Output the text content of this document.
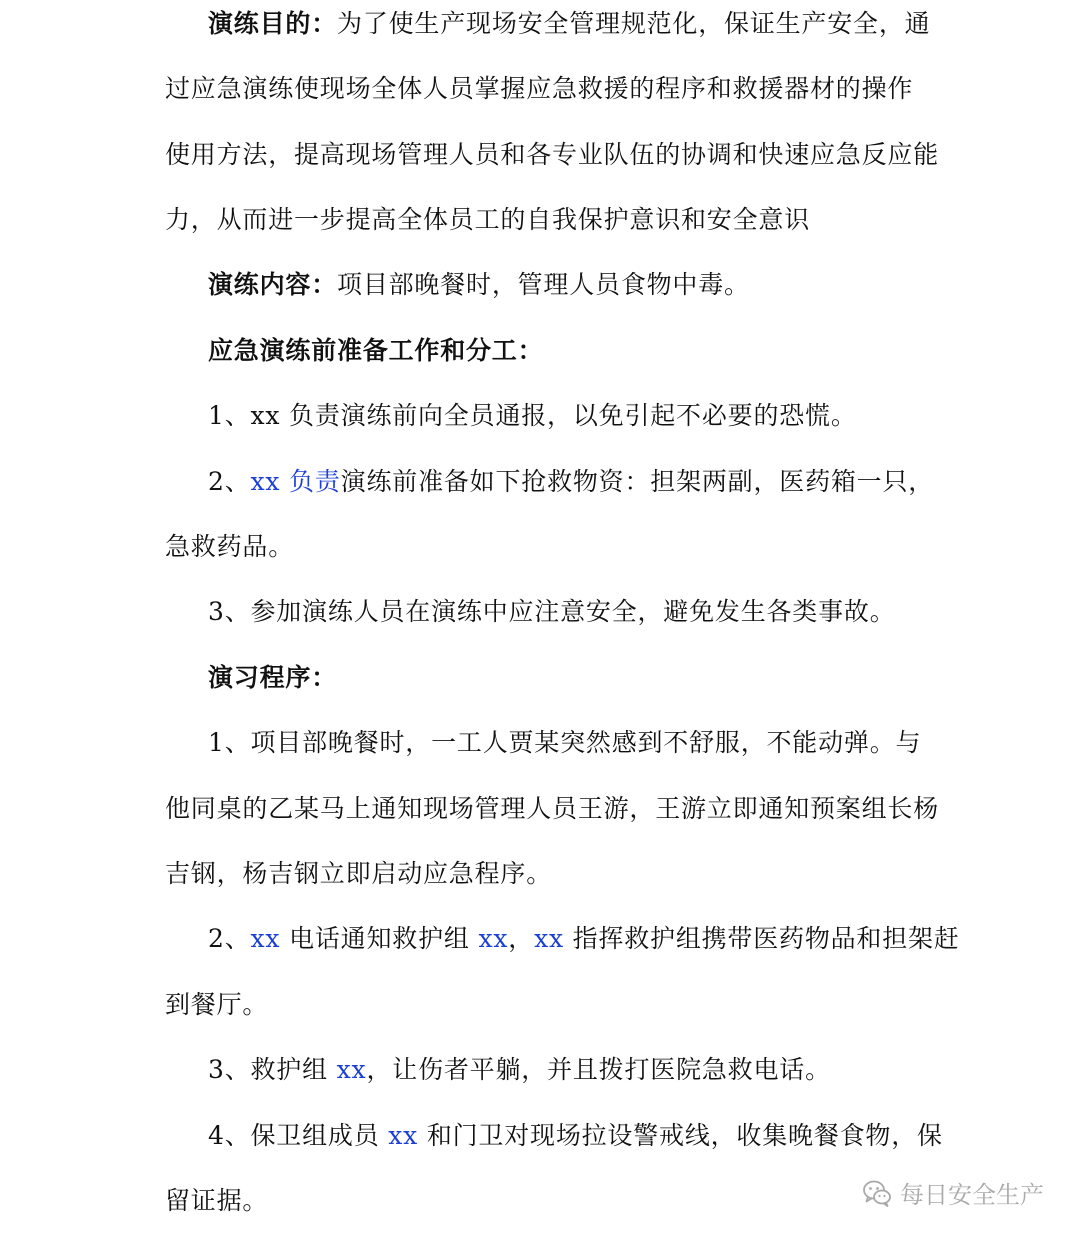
演练目的：为了使生产现场安全管理规范化，保证生产安全，通
过应急演练使现场全体人员掌握应急救援的程序和救援器材的操作
使用方法，提高现场管理人员和各专业队伍的协调和快速应急反应能
力，从而进一步提高全体员工的自我保护意识和安全意识
演练内容：项目部晚餐时，管理人员食物中毒。
应急演练前准备工作和分工：
1、xx 负责演练前向全员通报，以免引起不必要的恐慌。
2、xx 负责演练前准备如下抢救物资：担架两副，医药箱一只，
急救药品。
3、参加演练人员在演练中应注意安全，避免发生各类事故。
演习程序：
1、项目部晚餐时，一工人贾某突然感到不舒服，不能动弹。与
他同桌的乙某马上通知现场管理人员王游，王游立即通知预案组长杨
吉钢，杨吉钢立即启动应急程序。
2、xx 电话通知救护组 xx，xx 指挥救护组携带医药物品和担架赶
到餐厅。
3、救护组 xx，让伤者平躺，并且拨打医院急救电话。
4、保卫组成员 xx 和门卫对现场拉设警戒线，收集晚餐食物，保
留证据。	每日安全生产
